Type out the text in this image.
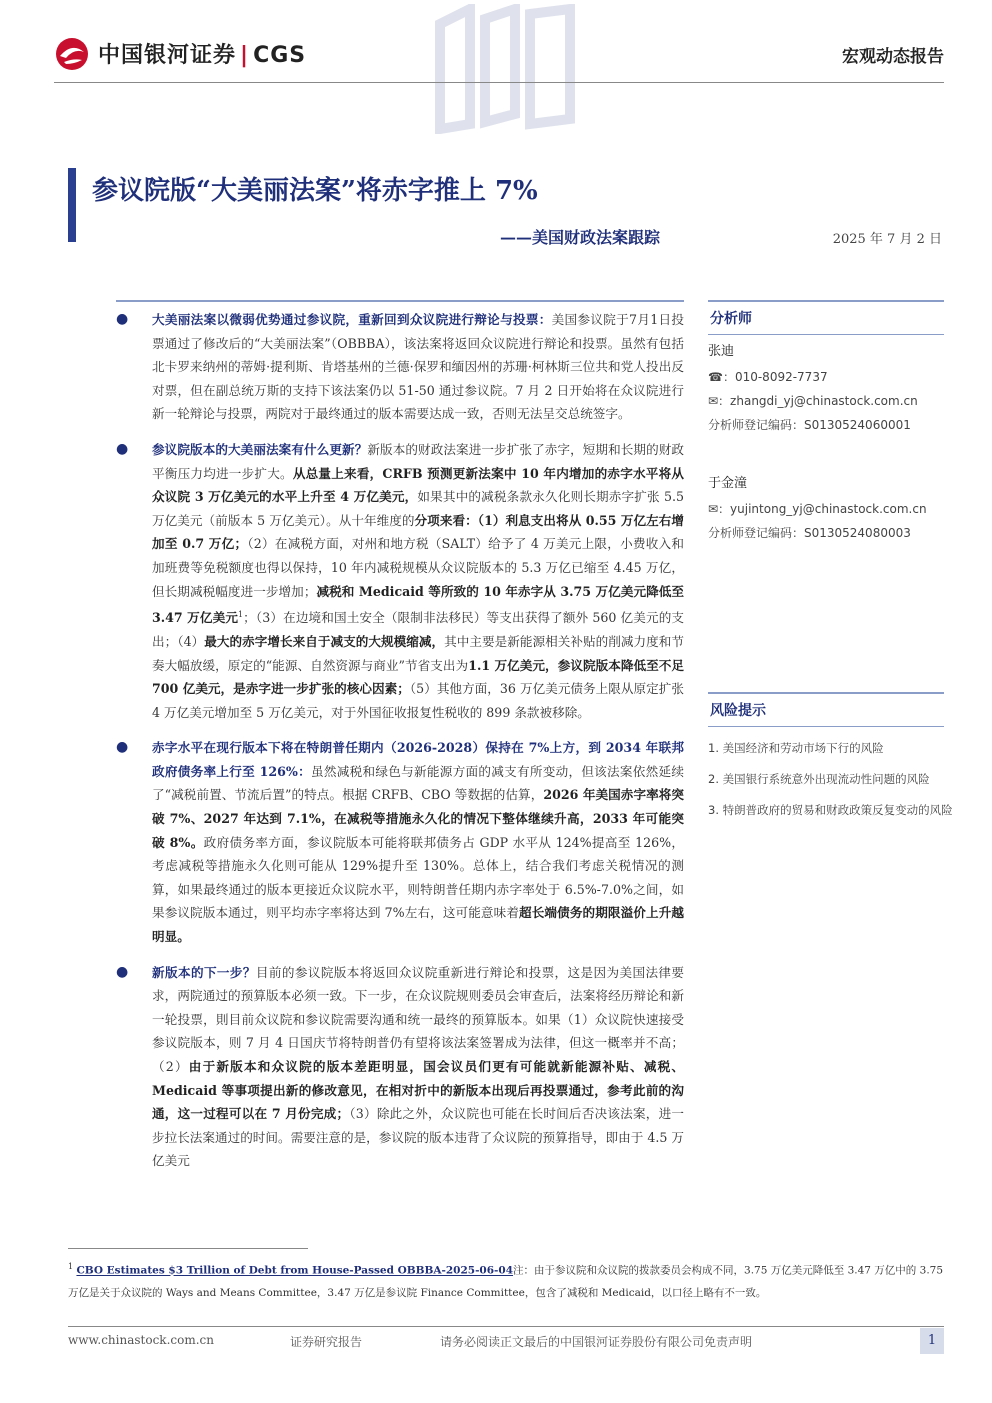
中国银河证券 | CGS	宏观动态报告
参议院版“大美丽法案”将赤字推上 7%
——美国财政法案跟踪	2025 年 7 月 2 日
● 大美丽法案以微弱优势通过参议院，重新回到众议院进行辩论与投票：美国参议院于7月1日投票通过了修改后的“大美丽法案”（OBBBA），该法案将返回众议院进行辩论和投票。虽然有包括北卡罗来纳州的蒂姆·提利斯、肯塔基州的兰德·保罗和缅因州的苏珊·柯林斯三位共和党人投出反对票，但在副总统万斯的支持下该法案仍以 51-50 通过参议院。7 月 2 日开始将在众议院进行新一轮辩论与投票，两院对于最终通过的版本需要达成一致，否则无法呈交总统签字。
● 参议院版本的大美丽法案有什么更新？新版本的财政法案进一步扩张了赤字，短期和长期的财政平衡压力均进一步扩大。从总量上来看，CRFB 预测更新法案中 10 年内增加的赤字水平将从众议院 3 万亿美元的水平上升至 4 万亿美元，如果其中的减税条款永久化则长期赤字扩张 5.5 万亿美元（前版本 5 万亿美元）。从十年维度的分项来看：（1）利息支出将从 0.55 万亿左右增加至 0.7 万亿；（2）在减税方面，对州和地方税（SALT）给予了 4 万美元上限，小费收入和加班费等免税额度也得以保持，10 年内减税规模从众议院版本的 5.3 万亿已缩至 4.45 万亿，但长期减税幅度进一步增加；减税和 Medicaid 等所致的 10 年赤字从 3.75 万亿美元降低至 3.47 万亿美元$^1$；（3）在边境和国土安全（限制非法移民）等支出获得了额外 560 亿美元的支出；（4）最大的赤字增长来自于减支的大规模缩减，其中主要是新能源相关补贴的削减力度和节奏大幅放缓，原定的“能源、自然资源与商业”节省支出为1.1 万亿美元，参议院版本降低至不足 700 亿美元，是赤字进一步扩张的核心因素；（5）其他方面，36 万亿美元债务上限从原定扩张 4 万亿美元增加至 5 万亿美元，对于外国征收报复性税收的 899 条款被移除。
● 赤字水平在现行版本下将在特朗普任期内（2026-2028）保持在 7%上方，到 2034 年联邦政府债务率上行至 126%：虽然减税和绿色与新能源方面的减支有所变动，但该法案依然延续了“减税前置、节流后置”的特点。根据 CRFB、CBO 等数据的估算，2026 年美国赤字率将突破 7%、2027 年达到 7.1%，在减税等措施永久化的情况下整体继续升高，2033 年可能突破 8%。政府债务率方面，参议院版本可能将联邦债务占 GDP 水平从 124%提高至 126%，考虑减税等措施永久化则可能从 129%提升至 130%。总体上，结合我们考虑关税情况的测算，如果最终通过的版本更接近众议院水平，则特朗普任期内赤字率处于 6.5%-7.0%之间，如果参议院版本通过，则平均赤字率将达到 7%左右，这可能意味着超长端债务的期限溢价上升越明显。
● 新版本的下一步？目前的参议院版本将返回众议院重新进行辩论和投票，这是因为美国法律要求，两院通过的预算版本必须一致。下一步，在众议院规则委员会审查后，法案将经历辩论和新一轮投票，則目前众议院和参议院需要沟通和统一最终的预算版本。如果（1）众议院快速接受参议院版本，则 7 月 4 日国庆节将特朗普仍有望将该法案签署成为法律，但这一概率并不高；（2）由于新版本和众议院的版本差距明显，国会议员们更有可能就新能源补贴、减税、Medicaid 等事项提出新的修改意见，在相对折中的新版本出现后再投票通过，参考此前的沟通，这一过程可以在 7 月份完成；（3）除此之外，众议院也可能在长时间后否决该法案，进一步拉长法案通过的时间。需要注意的是，参议院的版本违背了众议院的预算指导，即由于 4.5 万亿美元
分析师
张迪
☎：010-8092-7737
✉：zhangdi_yj@chinastock.com.cn
分析师登记编码：S0130524060001
于金潼
✉：yujintong_yj@chinastock.com.cn
分析师登记编码：S0130524080003
风险提示
1. 美国经济和劳动市场下行的风险
2. 美国银行系统意外出现流动性问题的风险
3. 特朗普政府的贸易和财政政策反复变动的风险
$^1$ CBO Estimates $3 Trillion of Debt from House-Passed OBBBA-2025-06-04注：由于参议院和众议院的拨款委员会构成不同，3.75 万亿美元降低至 3.47 万亿中的 3.75 万亿是关于众议院的 Ways and Means Committee，3.47 万亿是参议院 Finance Committee，包含了减税和 Medicaid，以口径上略有不一致。
www.chinastock.com.cn	证券研究报告	请务必阅读正文最后的中国银河证券股份有限公司免责声明	1
